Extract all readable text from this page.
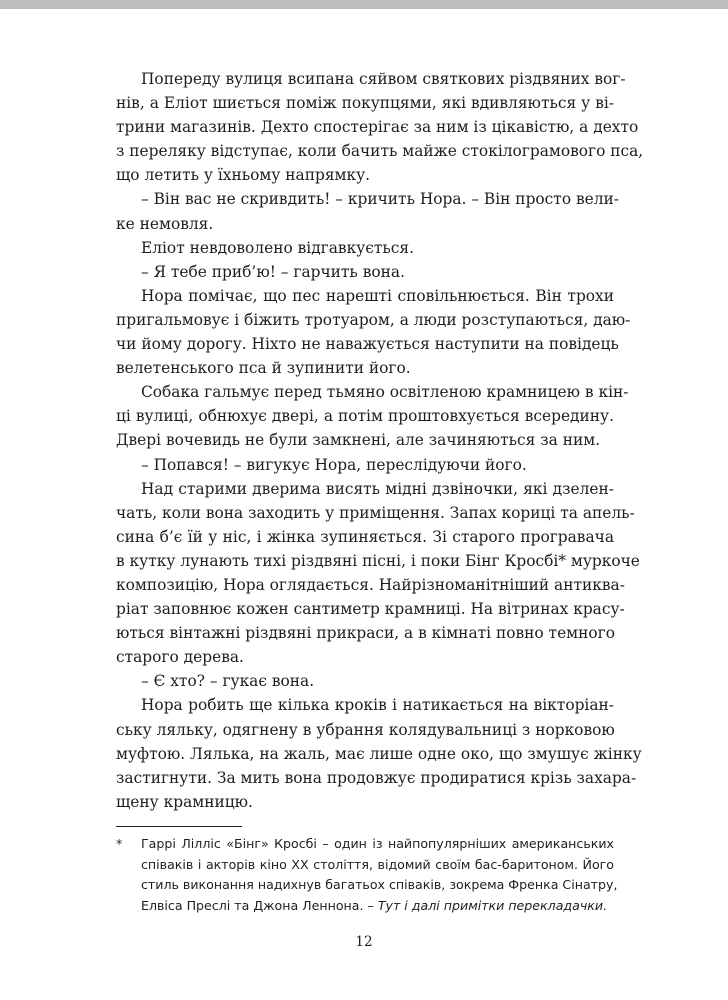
Попереду вулиця всипана сяйвом святкових різдвяних вог-
нів, а Еліот шиється поміж покупцями, які вдивляються у ві-
трини магазинів. Дехто спостерігає за ним із цікавістю, а дехто
з переляку відступає, коли бачить майже стокілограмового пса,
що летить у їхньому напрямку.
– Він вас не скривдить! – кричить Нора. – Він просто вели-
ке немовля.
Еліот невдоволено відгавкується.
– Я тебе приб’ю! – гарчить вона.
Нора помічає, що пес нарешті сповільнюється. Він трохи
пригальмовує і біжить тротуаром, а люди розступаються, даю-
чи йому дорогу. Ніхто не наважується наступити на повідець
велетенського пса й зупинити його.
Собака гальмує перед тьмяно освітленою крамницею в кін-
ці вулиці, обнюхує двері, а потім проштовхується всередину.
Двері вочевидь не були замкнені, але зачиняються за ним.
– Попався! – вигукує Нора, переслідуючи його.
Над старими дверима висять мідні дзвіночки, які дзелен-
чать, коли вона заходить у приміщення. Запах кориці та апель-
сина б’є їй у ніс, і жінка зупиняється. Зі старого програвача
в кутку лунають тихі різдвяні пісні, і поки Бінг Кросбі* муркоче
композицію, Нора оглядається. Найрізноманітніший антиква-
ріат заповнює кожен сантиметр крамниці. На вітринах красу-
ються вінтажні різдвяні прикраси, а в кімнаті повно темного
старого дерева.
– Є хто? – гукає вона.
Нора робить ще кілька кроків і натикається на вікторіан-
ську ляльку, одягнену в убрання колядувальниці з норковою
муфтою. Лялька, на жаль, має лише одне око, що змушує жінку
застигнути. За мить вона продовжує продиратися крізь захара-
щену крамницю.
* Гаррі Лілліс «Бінг» Кросбі – один із найпопулярніших американських
співаків і акторів кіно XX століття, відомий своїм бас-баритоном. Його
стиль виконання надихнув багатьох співаків, зокрема Френка Сінатру,
Елвіса Преслі та Джона Леннона. – Тут і далі примітки перекладачки.
12
